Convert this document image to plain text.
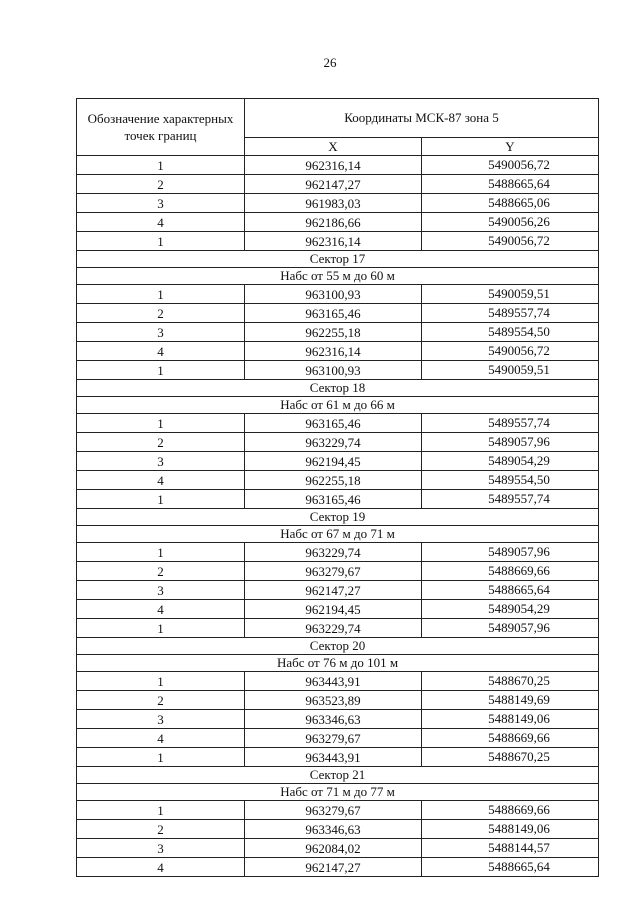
26
Обозначение характерных точек границ	Координаты МСК-87 зона 5	
	X	Y
1	962316,14	5490056,72
2	962147,27	5488665,64
3	961983,03	5488665,06
4	962186,66	5490056,26
1	962316,14	5490056,72
Сектор 17		
Набс от 55 м до 60 м		
1	963100,93	5490059,51
2	963165,46	5489557,74
3	962255,18	5489554,50
4	962316,14	5490056,72
1	963100,93	5490059,51
Сектор 18		
Набс от 61 м до 66 м		
1	963165,46	5489557,74
2	963229,74	5489057,96
3	962194,45	5489054,29
4	962255,18	5489554,50
1	963165,46	5489557,74
Сектор 19		
Набс от 67 м до 71 м		
1	963229,74	5489057,96
2	963279,67	5488669,66
3	962147,27	5488665,64
4	962194,45	5489054,29
1	963229,74	5489057,96
Сектор 20		
Набс от 76 м до 101 м		
1	963443,91	5488670,25
2	963523,89	5488149,69
3	963346,63	5488149,06
4	963279,67	5488669,66
1	963443,91	5488670,25
Сектор 21		
Набс от 71 м до 77 м		
1	963279,67	5488669,66
2	963346,63	5488149,06
3	962084,02	5488144,57
4	962147,27	5488665,64
